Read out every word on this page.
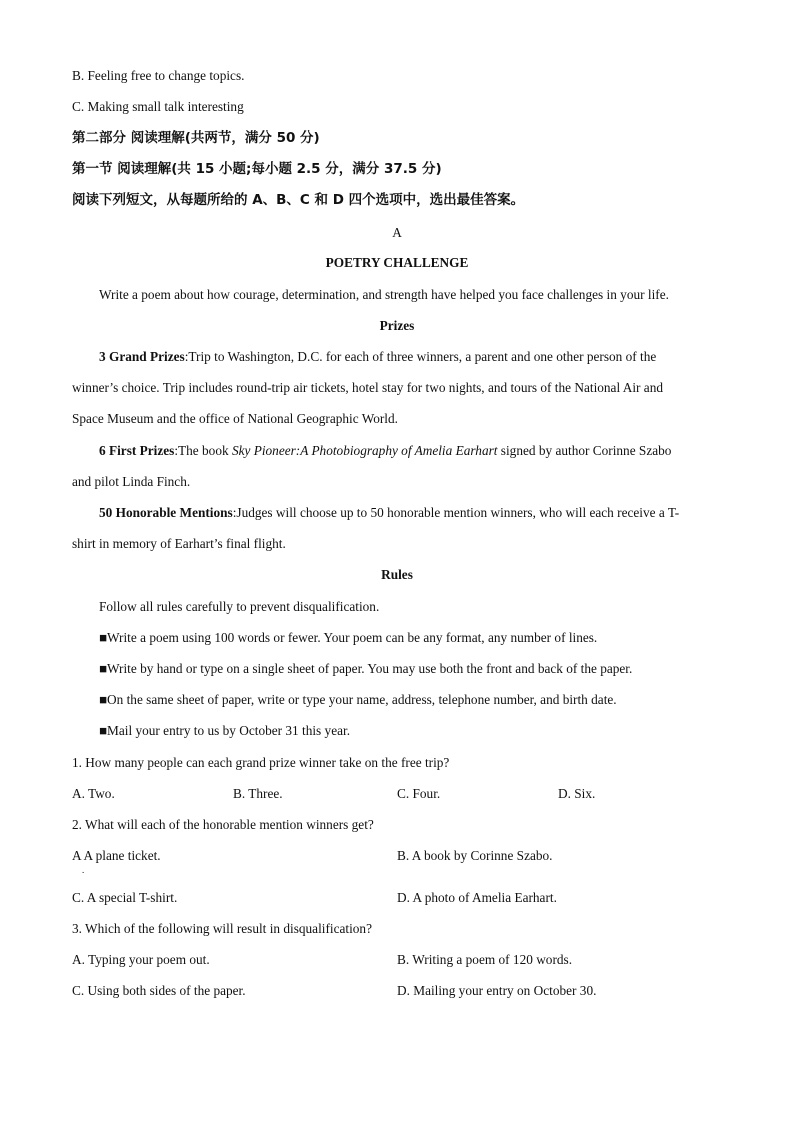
B. Feeling free to change topics.
C. Making small talk interesting
第二部分 阅读理解(共两节，满分 50 分)
第一节 阅读理解(共 15 小题;每小题 2.5 分，满分 37.5 分)
阅读下列短文，从每题所给的 A、B、C 和 D 四个选项中，选出最佳答案。
A
POETRY CHALLENGE
Write a poem about how courage, determination, and strength have helped you face challenges in your life.
Prizes
3 Grand Prizes:Trip to Washington, D.C. for each of three winners, a parent and one other person of the
winner’s choice. Trip includes round-trip air tickets, hotel stay for two nights, and tours of the National Air and
Space Museum and the office of National Geographic World.
6 First Prizes:The book Sky Pioneer:A Photobiography of Amelia Earhart signed by author Corinne Szabo
and pilot Linda Finch.
50 Honorable Mentions:Judges will choose up to 50 honorable mention winners, who will each receive a T-
shirt in memory of Earhart’s final flight.
Rules
Follow all rules carefully to prevent disqualification.
■Write a poem using 100 words or fewer. Your poem can be any format, any number of lines.
■Write by hand or type on a single sheet of paper. You may use both the front and back of the paper.
■On the same sheet of paper, write or type your name, address, telephone number, and birth date.
■Mail your entry to us by October 31 this year.
1. How many people can each grand prize winner take on the free trip?
A. Two.	B. Three.	C. Four.	D. Six.
2. What will each of the honorable mention winners get?
A A plane ticket.
.
B. A book by Corinne Szabo.
C. A special T-shirt.	D. A photo of Amelia Earhart.
3. Which of the following will result in disqualification?
A. Typing your poem out.	B. Writing a poem of 120 words.
C. Using both sides of the paper.	D. Mailing your entry on October 30.
